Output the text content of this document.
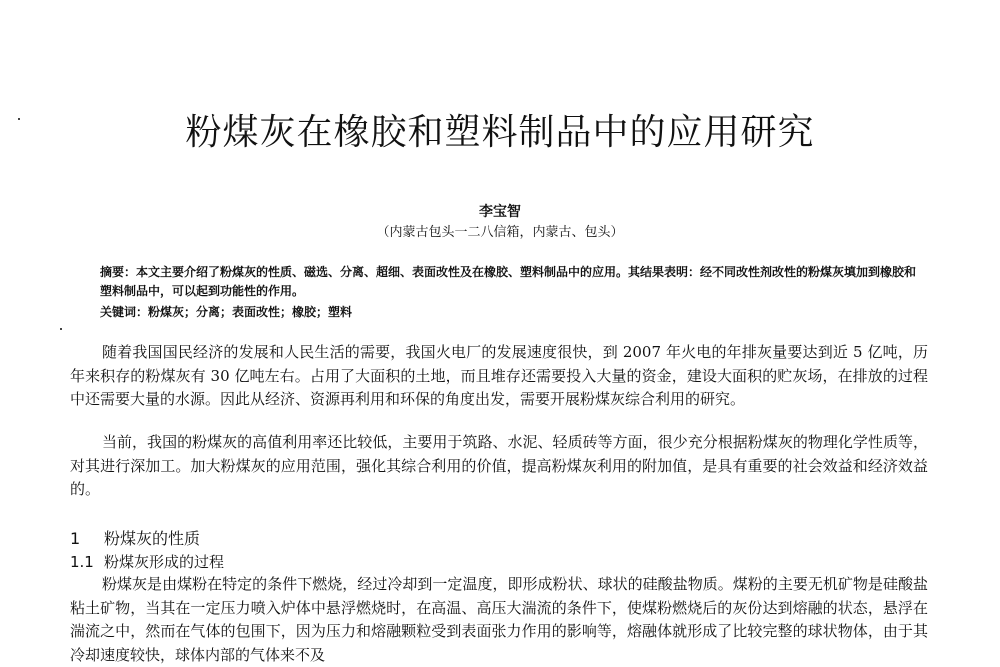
粉煤灰在橡胶和塑料制品中的应用研究
李宝智
（内蒙古包头一二八信箱，内蒙古、包头）
摘要：本文主要介绍了粉煤灰的性质、磁选、分离、超细、表面改性及在橡胶、塑料制品中的应用。其结果表明：经不同改性剂改性的粉煤灰填加到橡胶和塑料制品中，可以起到功能性的作用。
关键词：粉煤灰；分离；表面改性；橡胶；塑料
随着我国国民经济的发展和人民生活的需要，我国火电厂的发展速度很快，到 2007 年火电的年排灰量要达到近 5 亿吨，历年来积存的粉煤灰有 30 亿吨左右。占用了大面积的土地，而且堆存还需要投入大量的资金，建设大面积的贮灰场，在排放的过程中还需要大量的水源。因此从经济、资源再利用和环保的角度出发，需要开展粉煤灰综合利用的研究。
当前，我国的粉煤灰的高值利用率还比较低，主要用于筑路、水泥、轻质砖等方面，很少充分根据粉煤灰的物理化学性质等，对其进行深加工。加大粉煤灰的应用范围，强化其综合利用的价值，提高粉煤灰利用的附加值，是具有重要的社会效益和经济效益的。
1 粉煤灰的性质
1.1 粉煤灰形成的过程
粉煤灰是由煤粉在特定的条件下燃烧，经过冷却到一定温度，即形成粉状、球状的硅酸盐物质。煤粉的主要无机矿物是硅酸盐粘土矿物，当其在一定压力喷入炉体中悬浮燃烧时，在高温、高压大湍流的条件下，使煤粉燃烧后的灰份达到熔融的状态，悬浮在湍流之中，然而在气体的包围下，因为压力和熔融颗粒受到表面张力作用的影响等，熔融体就形成了比较完整的球状物体，由于其冷却速度较快，球体内部的气体来不及
